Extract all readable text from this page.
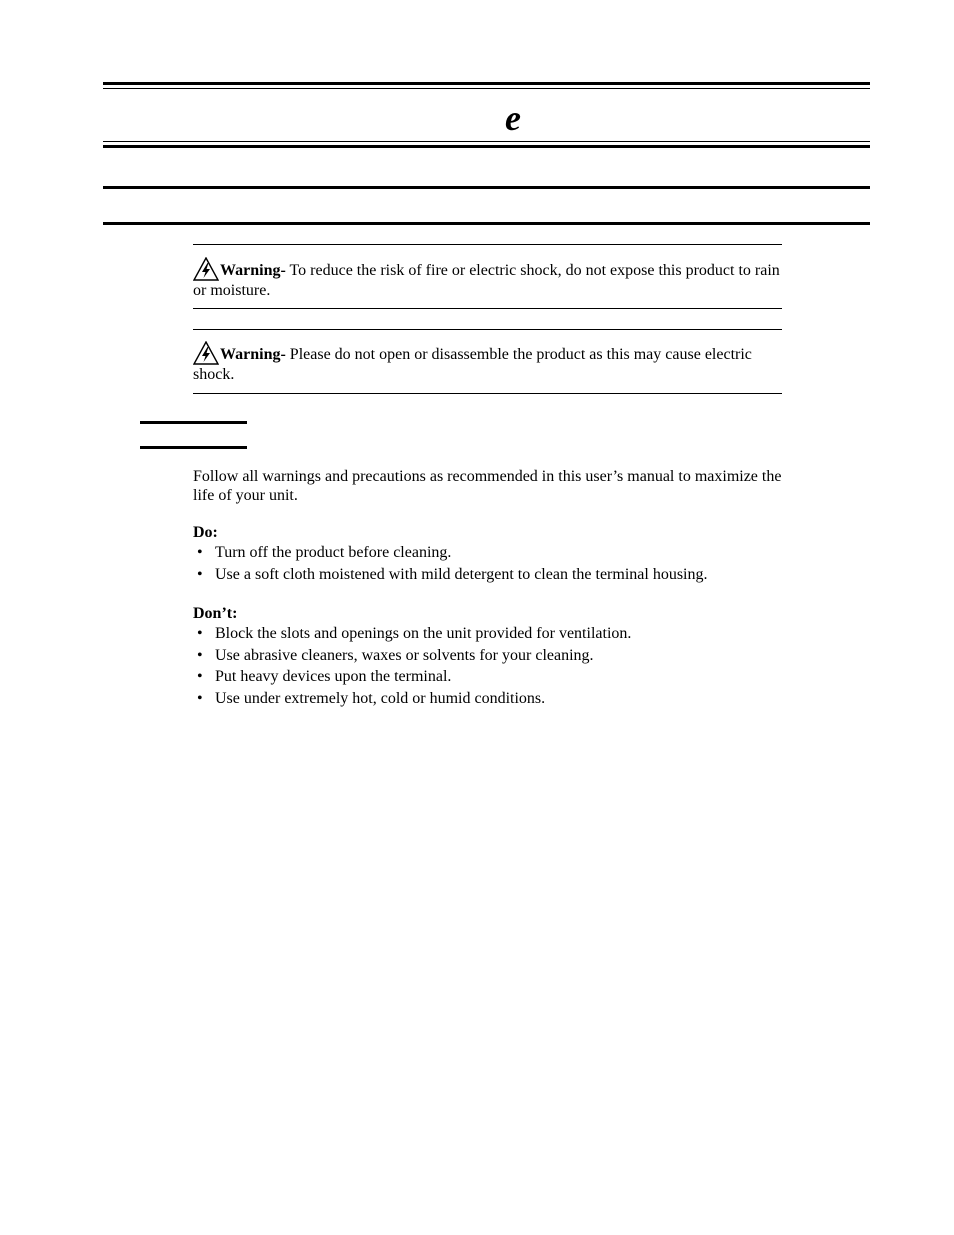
e
Warning- To reduce the risk of fire or electric shock, do not expose this product to rain or moisture.
Warning- Please do not open or disassemble the product as this may cause electric shock.
Follow all warnings and precautions as recommended in this user’s manual to maximize the life of your unit.
Do:
• Turn off the product before cleaning.
• Use a soft cloth moistened with mild detergent to clean the terminal housing.
Don’t:
• Block the slots and openings on the unit provided for ventilation.
• Use abrasive cleaners, waxes or solvents for your cleaning.
• Put heavy devices upon the terminal.
• Use under extremely hot, cold or humid conditions.
